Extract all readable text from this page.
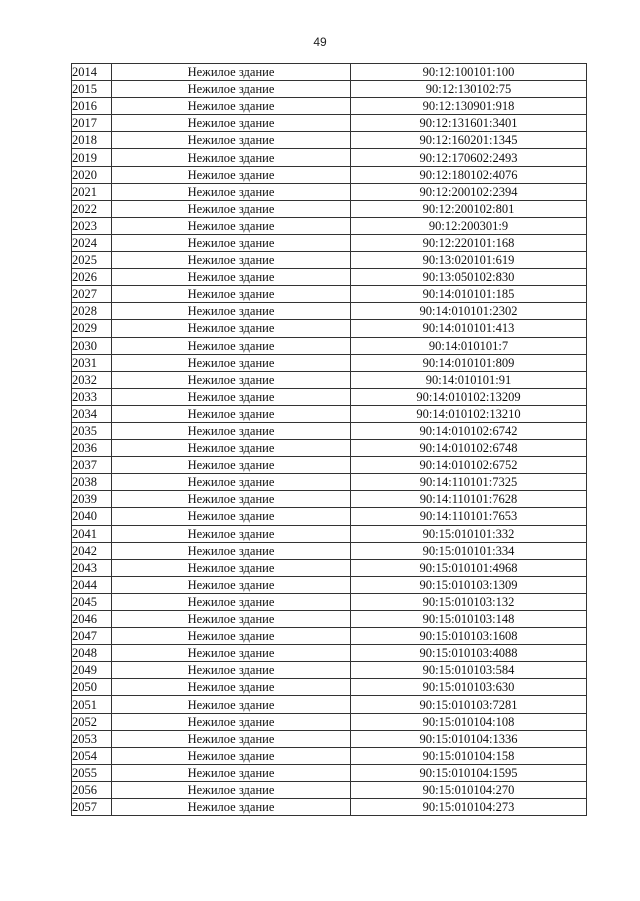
49
2014	Нежилое здание	90:12:100101:100
2015	Нежилое здание	90:12:130102:75
2016	Нежилое здание	90:12:130901:918
2017	Нежилое здание	90:12:131601:3401
2018	Нежилое здание	90:12:160201:1345
2019	Нежилое здание	90:12:170602:2493
2020	Нежилое здание	90:12:180102:4076
2021	Нежилое здание	90:12:200102:2394
2022	Нежилое здание	90:12:200102:801
2023	Нежилое здание	90:12:200301:9
2024	Нежилое здание	90:12:220101:168
2025	Нежилое здание	90:13:020101:619
2026	Нежилое здание	90:13:050102:830
2027	Нежилое здание	90:14:010101:185
2028	Нежилое здание	90:14:010101:2302
2029	Нежилое здание	90:14:010101:413
2030	Нежилое здание	90:14:010101:7
2031	Нежилое здание	90:14:010101:809
2032	Нежилое здание	90:14:010101:91
2033	Нежилое здание	90:14:010102:13209
2034	Нежилое здание	90:14:010102:13210
2035	Нежилое здание	90:14:010102:6742
2036	Нежилое здание	90:14:010102:6748
2037	Нежилое здание	90:14:010102:6752
2038	Нежилое здание	90:14:110101:7325
2039	Нежилое здание	90:14:110101:7628
2040	Нежилое здание	90:14:110101:7653
2041	Нежилое здание	90:15:010101:332
2042	Нежилое здание	90:15:010101:334
2043	Нежилое здание	90:15:010101:4968
2044	Нежилое здание	90:15:010103:1309
2045	Нежилое здание	90:15:010103:132
2046	Нежилое здание	90:15:010103:148
2047	Нежилое здание	90:15:010103:1608
2048	Нежилое здание	90:15:010103:4088
2049	Нежилое здание	90:15:010103:584
2050	Нежилое здание	90:15:010103:630
2051	Нежилое здание	90:15:010103:7281
2052	Нежилое здание	90:15:010104:108
2053	Нежилое здание	90:15:010104:1336
2054	Нежилое здание	90:15:010104:158
2055	Нежилое здание	90:15:010104:1595
2056	Нежилое здание	90:15:010104:270
2057	Нежилое здание	90:15:010104:273
